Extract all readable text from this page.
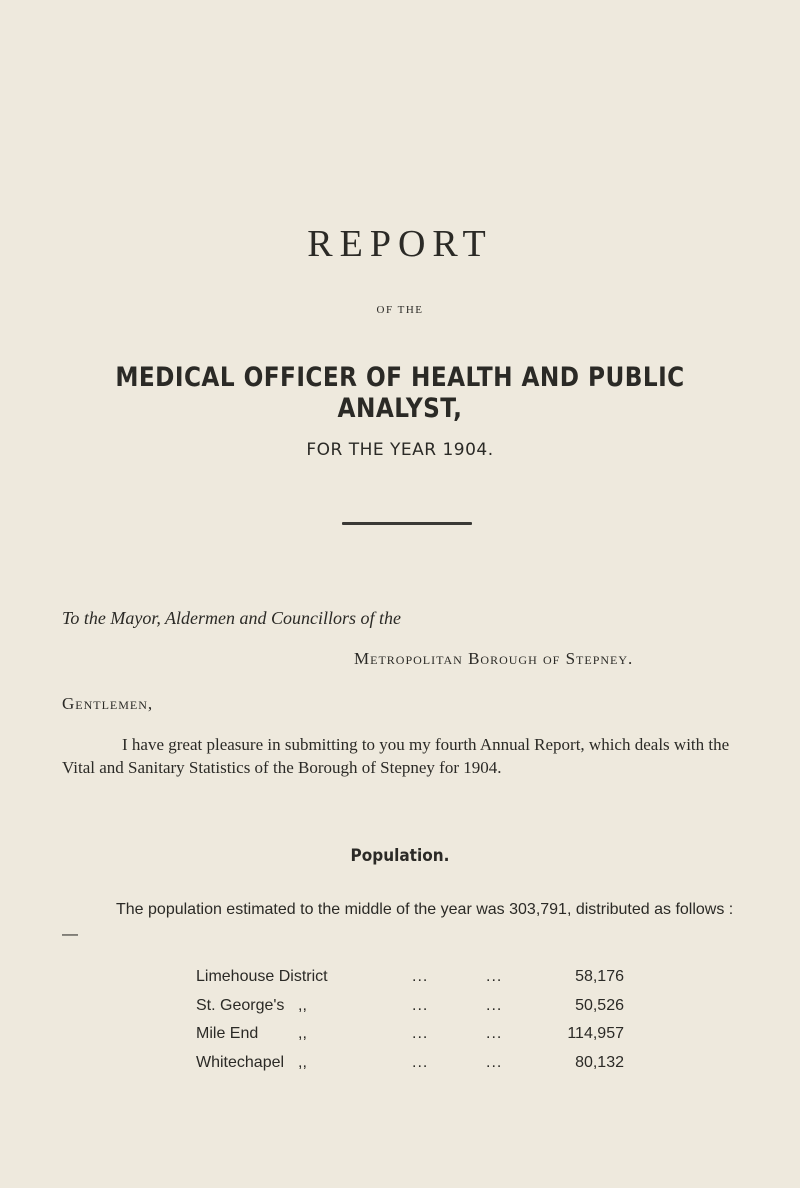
REPORT
OF THE
MEDICAL OFFICER OF HEALTH AND PUBLIC ANALYST,
FOR THE YEAR 1904.
To the Mayor, Aldermen and Councillors of the
Metropolitan Borough of Stepney.
Gentlemen,
I have great pleasure in submitting to you my fourth Annual Report, which deals with the Vital and Sanitary Statistics of the Borough of Stepney for 1904.
Population.
The population estimated to the middle of the year was 303,791, distributed as follows :—
Limehouse District	...	...	58,176
St. George's ,,	...	...	50,526
Mile End ,,	...	...	114,957
Whitechapel ,,	...	...	80,132
